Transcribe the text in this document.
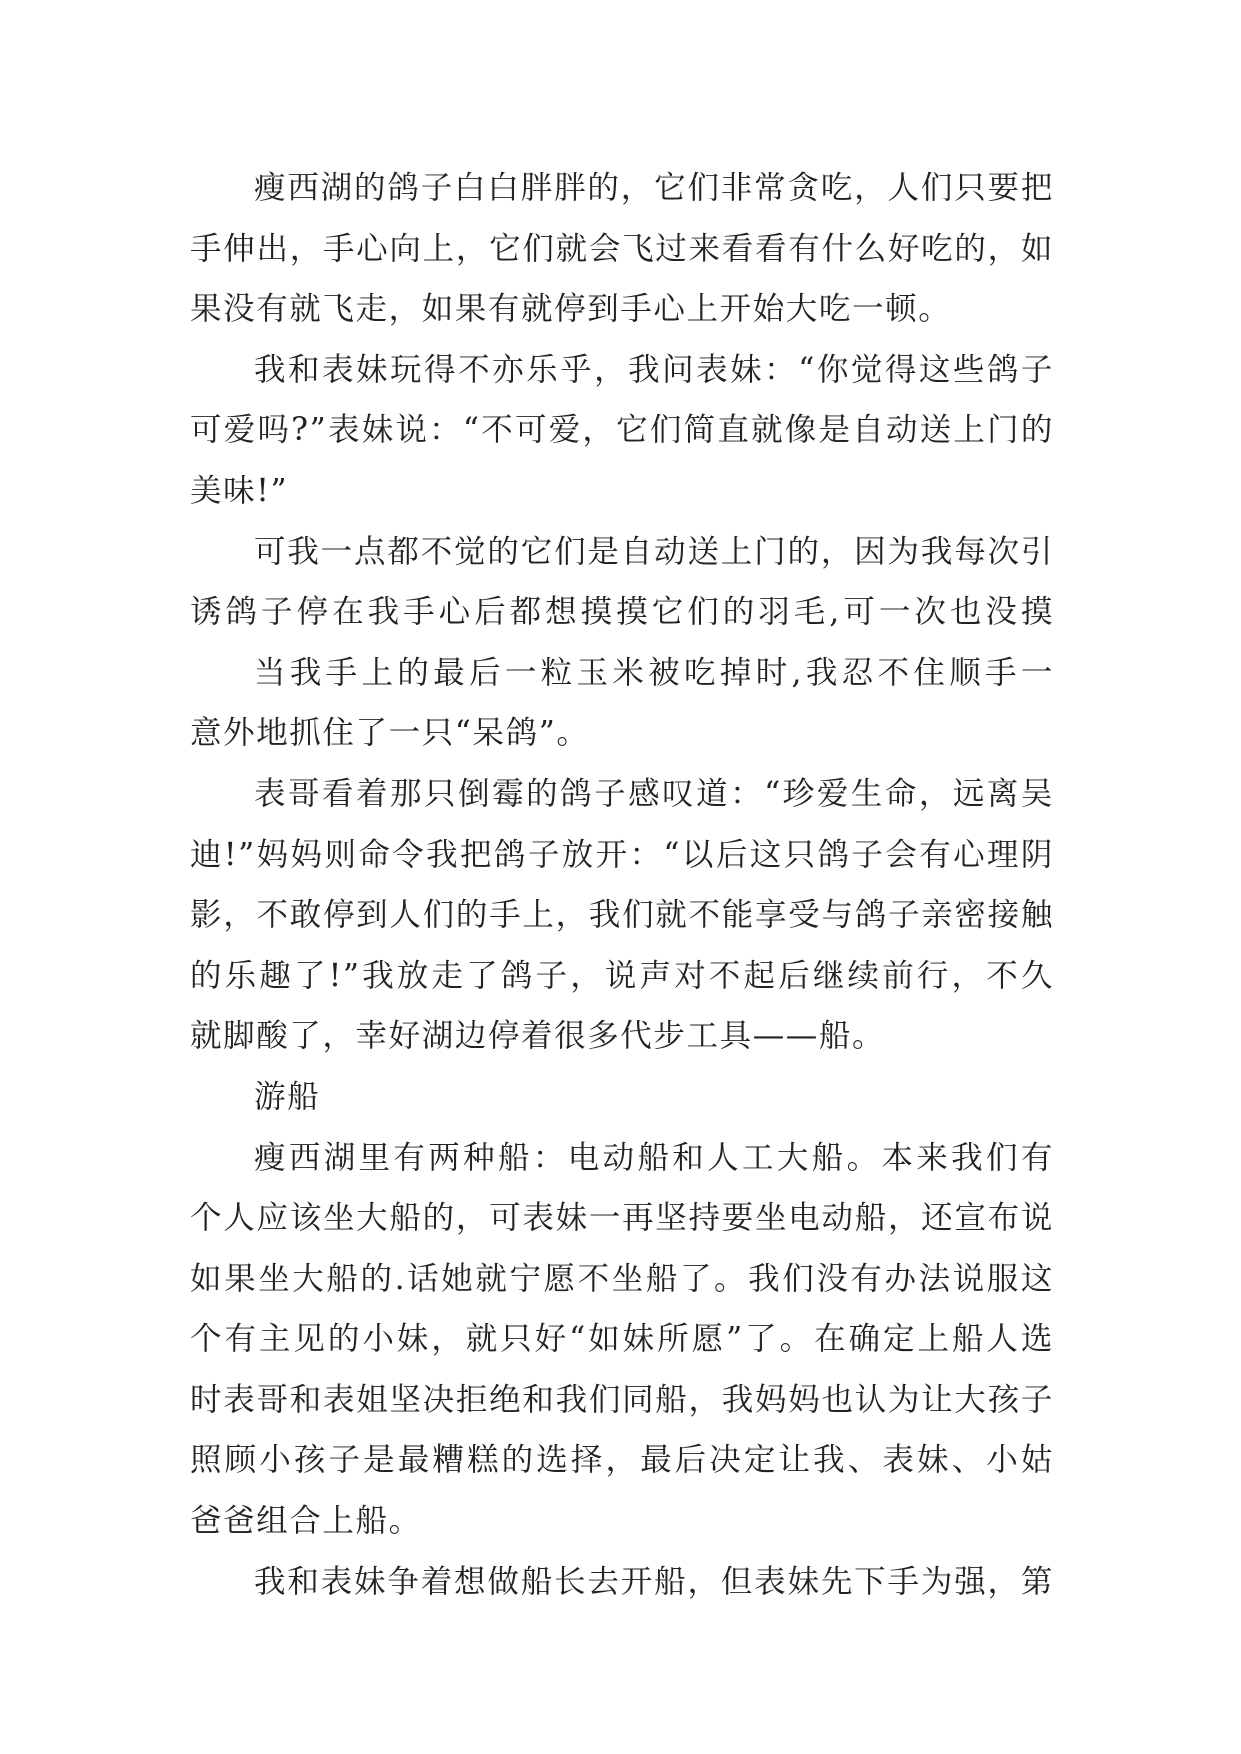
瘦西湖的鸽子白白胖胖的，它们非常贪吃，人们只要把
手伸出，手心向上，它们就会飞过来看看有什么好吃的，如
果没有就飞走，如果有就停到手心上开始大吃一顿。
我和表妹玩得不亦乐乎，我问表妹：“你觉得这些鸽子
可爱吗?”表妹说：“不可爱，它们简直就像是自动送上门的
美味!”
可我一点都不觉的它们是自动送上门的，因为我每次引
诱鸽子停在我手心后都想摸摸它们的羽毛,可一次也没摸
当我手上的最后一粒玉米被吃掉时,我忍不住顺手一
意外地抓住了一只“呆鸽”。
表哥看着那只倒霉的鸽子感叹道：“珍爱生命，远离吴
迪!”妈妈则命令我把鸽子放开：“以后这只鸽子会有心理阴
影，不敢停到人们的手上，我们就不能享受与鸽子亲密接触
的乐趣了!”我放走了鸽子，说声对不起后继续前行，不久
就脚酸了，幸好湖边停着很多代步工具——船。
游船
瘦西湖里有两种船：电动船和人工大船。本来我们有
个人应该坐大船的，可表妹一再坚持要坐电动船，还宣布说
如果坐大船的.话她就宁愿不坐船了。我们没有办法说服这
个有主见的小妹，就只好“如妹所愿”了。在确定上船人选
时表哥和表姐坚决拒绝和我们同船，我妈妈也认为让大孩子
照顾小孩子是最糟糕的选择，最后决定让我、表妹、小姑
爸爸组合上船。
我和表妹争着想做船长去开船，但表妹先下手为强，第
